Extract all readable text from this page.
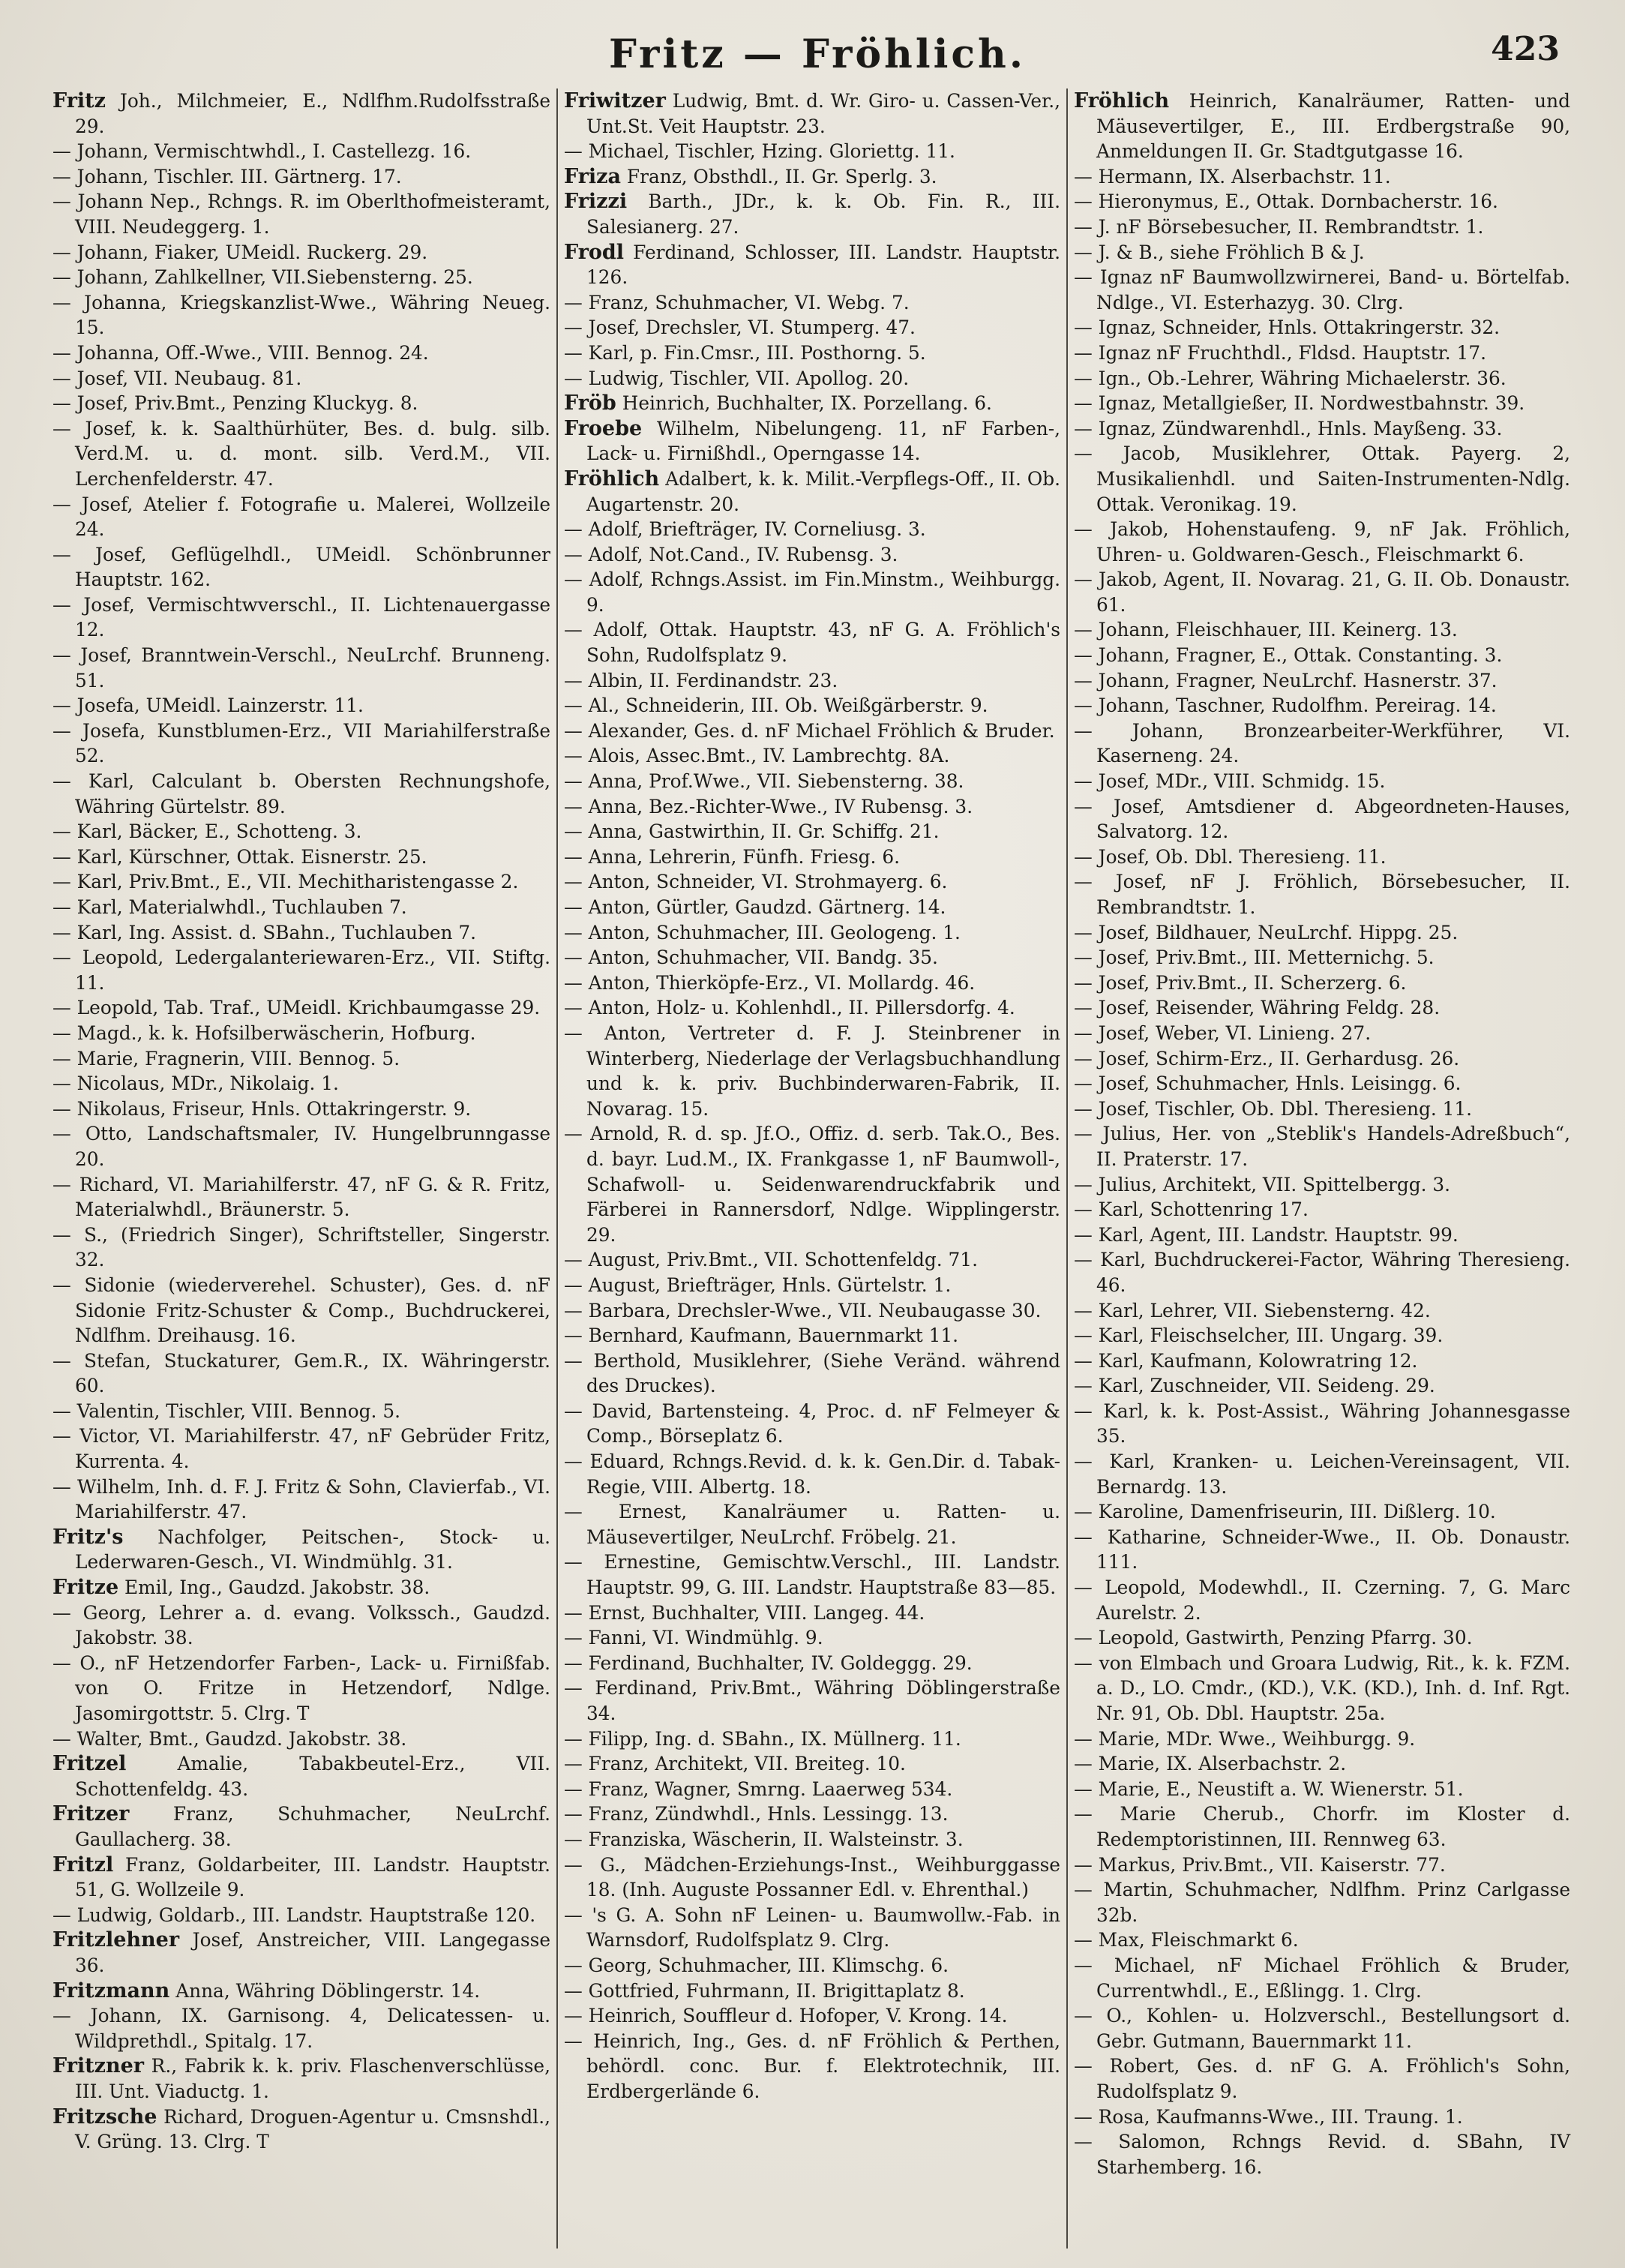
Fritz — Fröhlich.	423
Fritz Joh., Milchmeier, E., Ndlfhm.Rudolfsstraße 29.
— Johann, Vermischtwhdl., I. Castellezg. 16.
— Johann, Tischler. III. Gärtnerg. 17.
— Johann Nep., Rchngs. R. im Oberlthofmeisteramt, VIII. Neudeggerg. 1.
— Johann, Fiaker, UMeidl. Ruckerg. 29.
— Johann, Zahlkellner, VII.Siebensterng. 25.
— Johanna, Kriegskanzlist-Wwe., Währing Neueg. 15.
— Johanna, Off.-Wwe., VIII. Bennog. 24.
— Josef, VII. Neubaug. 81.
— Josef, Priv.Bmt., Penzing Kluckyg. 8.
— Josef, k. k. Saalthürhüter, Bes. d. bulg. silb. Verd.M. u. d. mont. silb. Verd.M., VII. Lerchenfelderstr. 47.
— Josef, Atelier f. Fotografie u. Malerei, Wollzeile 24.
— Josef, Geflügelhdl., UMeidl. Schönbrunner Hauptstr. 162.
— Josef, Vermischtwverschl., II. Lichtenauergasse 12.
— Josef, Branntwein-Verschl., NeuLrchf. Brunneng. 51.
— Josefa, UMeidl. Lainzerstr. 11.
— Josefa, Kunstblumen-Erz., VII Mariahilferstraße 52.
— Karl, Calculant b. Obersten Rechnungshofe, Währing Gürtelstr. 89.
— Karl, Bäcker, E., Schotteng. 3.
— Karl, Kürschner, Ottak. Eisnerstr. 25.
— Karl, Priv.Bmt., E., VII. Mechitharistengasse 2.
— Karl, Materialwhdl., Tuchlauben 7.
— Karl, Ing. Assist. d. SBahn., Tuchlauben 7.
— Leopold, Ledergalanteriewaren-Erz., VII. Stiftg. 11.
— Leopold, Tab. Traf., UMeidl. Krichbaumgasse 29.
— Magd., k. k. Hofsilberwäscherin, Hofburg.
— Marie, Fragnerin, VIII. Bennog. 5.
— Nicolaus, MDr., Nikolaig. 1.
— Nikolaus, Friseur, Hnls. Ottakringerstr. 9.
— Otto, Landschaftsmaler, IV. Hungelbrunngasse 20.
— Richard, VI. Mariahilferstr. 47, nF G. & R. Fritz, Materialwhdl., Bräunerstr. 5.
— S., (Friedrich Singer), Schriftsteller, Singerstr. 32.
— Sidonie (wiederverehel. Schuster), Ges. d. nF Sidonie Fritz-Schuster & Comp., Buchdruckerei, Ndlfhm. Dreihausg. 16.
— Stefan, Stuckaturer, Gem.R., IX. Währingerstr. 60.
— Valentin, Tischler, VIII. Bennog. 5.
— Victor, VI. Mariahilferstr. 47, nF Gebrüder Fritz, Kurrenta. 4.
— Wilhelm, Inh. d. F. J. Fritz & Sohn, Clavierfab., VI. Mariahilferstr. 47.
Fritz's Nachfolger, Peitschen-, Stock- u. Lederwaren-Gesch., VI. Windmühlg. 31.
Fritze Emil, Ing., Gaudzd. Jakobstr. 38.
— Georg, Lehrer a. d. evang. Volkssch., Gaudzd. Jakobstr. 38.
— O., nF Hetzendorfer Farben-, Lack- u. Firnißfab. von O. Fritze in Hetzendorf, Ndlge. Jasomirgottstr. 5. Clrg. T
— Walter, Bmt., Gaudzd. Jakobstr. 38.
Fritzel Amalie, Tabakbeutel-Erz., VII. Schottenfeldg. 43.
Fritzer Franz, Schuhmacher, NeuLrchf. Gaullacherg. 38.
Fritzl Franz, Goldarbeiter, III. Landstr. Hauptstr. 51, G. Wollzeile 9.
— Ludwig, Goldarb., III. Landstr. Hauptstraße 120.
Fritzlehner Josef, Anstreicher, VIII. Langegasse 36.
Fritzmann Anna, Währing Döblingerstr. 14.
— Johann, IX. Garnisong. 4, Delicatessen- u. Wildprethdl., Spitalg. 17.
Fritzner R., Fabrik k. k. priv. Flaschenverschlüsse, III. Unt. Viaductg. 1.
Fritzsche Richard, Droguen-Agentur u. Cmsnshdl., V. Grüng. 13. Clrg. T
Friwitzer Ludwig, Bmt. d. Wr. Giro- u. Cassen-Ver., Unt.St. Veit Hauptstr. 23.
— Michael, Tischler, Hzing. Gloriettg. 11.
Friza Franz, Obsthdl., II. Gr. Sperlg. 3.
Frizzi Barth., JDr., k. k. Ob. Fin. R., III. Salesianerg. 27.
Frodl Ferdinand, Schlosser, III. Landstr. Hauptstr. 126.
— Franz, Schuhmacher, VI. Webg. 7.
— Josef, Drechsler, VI. Stumperg. 47.
— Karl, p. Fin.Cmsr., III. Posthorng. 5.
— Ludwig, Tischler, VII. Apollog. 20.
Fröb Heinrich, Buchhalter, IX. Porzellang. 6.
Froebe Wilhelm, Nibelungeng. 11, nF Farben-, Lack- u. Firnißhdl., Operngasse 14.
Fröhlich Adalbert, k. k. Milit.-Verpflegs-Off., II. Ob. Augartenstr. 20.
— Adolf, Briefträger, IV. Corneliusg. 3.
— Adolf, Not.Cand., IV. Rubensg. 3.
— Adolf, Rchngs.Assist. im Fin.Minstm., Weihburgg. 9.
— Adolf, Ottak. Hauptstr. 43, nF G. A. Fröhlich's Sohn, Rudolfsplatz 9.
— Albin, II. Ferdinandstr. 23.
— Al., Schneiderin, III. Ob. Weißgärberstr. 9.
— Alexander, Ges. d. nF Michael Fröhlich & Bruder.
— Alois, Assec.Bmt., IV. Lambrechtg. 8A.
— Anna, Prof.Wwe., VII. Siebensterng. 38.
— Anna, Bez.-Richter-Wwe., IV Rubensg. 3.
— Anna, Gastwirthin, II. Gr. Schiffg. 21.
— Anna, Lehrerin, Fünfh. Friesg. 6.
— Anton, Schneider, VI. Strohmayerg. 6.
— Anton, Gürtler, Gaudzd. Gärtnerg. 14.
— Anton, Schuhmacher, III. Geologeng. 1.
— Anton, Schuhmacher, VII. Bandg. 35.
— Anton, Thierköpfe-Erz., VI. Mollardg. 46.
— Anton, Holz- u. Kohlenhdl., II. Pillersdorfg. 4.
— Anton, Vertreter d. F. J. Steinbrener in Winterberg, Niederlage der Verlagsbuchhandlung und k. k. priv. Buchbinderwaren-Fabrik, II. Novarag. 15.
— Arnold, R. d. sp. Jf.O., Offiz. d. serb. Tak.O., Bes. d. bayr. Lud.M., IX. Frankgasse 1, nF Baumwoll-, Schafwoll- u. Seidenwarendruckfabrik und Färberei in Rannersdorf, Ndlge. Wipplingerstr. 29.
— August, Priv.Bmt., VII. Schottenfeldg. 71.
— August, Briefträger, Hnls. Gürtelstr. 1.
— Barbara, Drechsler-Wwe., VII. Neubaugasse 30.
— Bernhard, Kaufmann, Bauernmarkt 11.
— Berthold, Musiklehrer, (Siehe Veränd. während des Druckes).
— David, Bartensteing. 4, Proc. d. nF Felmeyer & Comp., Börseplatz 6.
— Eduard, Rchngs.Revid. d. k. k. Gen.Dir. d. Tabak-Regie, VIII. Albertg. 18.
— Ernest, Kanalräumer u. Ratten- u. Mäusevertilger, NeuLrchf. Fröbelg. 21.
— Ernestine, Gemischtw.Verschl., III. Landstr. Hauptstr. 99, G. III. Landstr. Hauptstraße 83—85.
— Ernst, Buchhalter, VIII. Langeg. 44.
— Fanni, VI. Windmühlg. 9.
— Ferdinand, Buchhalter, IV. Goldeggg. 29.
— Ferdinand, Priv.Bmt., Währing Döblingerstraße 34.
— Filipp, Ing. d. SBahn., IX. Müllnerg. 11.
— Franz, Architekt, VII. Breiteg. 10.
— Franz, Wagner, Smrng. Laaerweg 534.
— Franz, Zündwhdl., Hnls. Lessingg. 13.
— Franziska, Wäscherin, II. Walsteinstr. 3.
— G., Mädchen-Erziehungs-Inst., Weihburggasse 18. (Inh. Auguste Possanner Edl. v. Ehrenthal.)
— 's G. A. Sohn nF Leinen- u. Baumwollw.-Fab. in Warnsdorf, Rudolfsplatz 9. Clrg.
— Georg, Schuhmacher, III. Klimschg. 6.
— Gottfried, Fuhrmann, II. Brigittaplatz 8.
— Heinrich, Souffleur d. Hofoper, V. Krong. 14.
— Heinrich, Ing., Ges. d. nF Fröhlich & Perthen, behördl. conc. Bur. f. Elektrotechnik, III. Erdbergerlände 6.
Fröhlich Heinrich, Kanalräumer, Ratten- und Mäusevertilger, E., III. Erdbergstraße 90, Anmeldungen II. Gr. Stadtgutgasse 16.
— Hermann, IX. Alserbachstr. 11.
— Hieronymus, E., Ottak. Dornbacherstr. 16.
— J. nF Börsebesucher, II. Rembrandtstr. 1.
— J. & B., siehe Fröhlich B & J.
— Ignaz nF Baumwollzwirnerei, Band- u. Börtelfab. Ndlge., VI. Esterhazyg. 30. Clrg.
— Ignaz, Schneider, Hnls. Ottakringerstr. 32.
— Ignaz nF Fruchthdl., Fldsd. Hauptstr. 17.
— Ign., Ob.-Lehrer, Währing Michaelerstr. 36.
— Ignaz, Metallgießer, II. Nordwestbahnstr. 39.
— Ignaz, Zündwarenhdl., Hnls. Mayßeng. 33.
— Jacob, Musiklehrer, Ottak. Payerg. 2, Musikalienhdl. und Saiten-Instrumenten-Ndlg. Ottak. Veronikag. 19.
— Jakob, Hohenstaufeng. 9, nF Jak. Fröhlich, Uhren- u. Goldwaren-Gesch., Fleischmarkt 6.
— Jakob, Agent, II. Novarag. 21, G. II. Ob. Donaustr. 61.
— Johann, Fleischhauer, III. Keinerg. 13.
— Johann, Fragner, E., Ottak. Constanting. 3.
— Johann, Fragner, NeuLrchf. Hasnerstr. 37.
— Johann, Taschner, Rudolfhm. Pereirag. 14.
— Johann, Bronzearbeiter-Werkführer, VI. Kaserneng. 24.
— Josef, MDr., VIII. Schmidg. 15.
— Josef, Amtsdiener d. Abgeordneten-Hauses, Salvatorg. 12.
— Josef, Ob. Dbl. Theresieng. 11.
— Josef, nF J. Fröhlich, Börsebesucher, II. Rembrandtstr. 1.
— Josef, Bildhauer, NeuLrchf. Hippg. 25.
— Josef, Priv.Bmt., III. Metternichg. 5.
— Josef, Priv.Bmt., II. Scherzerg. 6.
— Josef, Reisender, Währing Feldg. 28.
— Josef, Weber, VI. Linieng. 27.
— Josef, Schirm-Erz., II. Gerhardusg. 26.
— Josef, Schuhmacher, Hnls. Leisingg. 6.
— Josef, Tischler, Ob. Dbl. Theresieng. 11.
— Julius, Her. von „Steblik's Handels-Adreßbuch“, II. Praterstr. 17.
— Julius, Architekt, VII. Spittelbergg. 3.
— Karl, Schottenring 17.
— Karl, Agent, III. Landstr. Hauptstr. 99.
— Karl, Buchdruckerei-Factor, Währing Theresieng. 46.
— Karl, Lehrer, VII. Siebensterng. 42.
— Karl, Fleischselcher, III. Ungarg. 39.
— Karl, Kaufmann, Kolowratring 12.
— Karl, Zuschneider, VII. Seideng. 29.
— Karl, k. k. Post-Assist., Währing Johannesgasse 35.
— Karl, Kranken- u. Leichen-Vereinsagent, VII. Bernardg. 13.
— Karoline, Damenfriseurin, III. Dißlerg. 10.
— Katharine, Schneider-Wwe., II. Ob. Donaustr. 111.
— Leopold, Modewhdl., II. Czerning. 7, G. Marc Aurelstr. 2.
— Leopold, Gastwirth, Penzing Pfarrg. 30.
— von Elmbach und Groara Ludwig, Rit., k. k. FZM. a. D., LO. Cmdr., (KD.), V.K. (KD.), Inh. d. Inf. Rgt. Nr. 91, Ob. Dbl. Hauptstr. 25a.
— Marie, MDr. Wwe., Weihburgg. 9.
— Marie, IX. Alserbachstr. 2.
— Marie, E., Neustift a. W. Wienerstr. 51.
— Marie Cherub., Chorfr. im Kloster d. Redemptoristinnen, III. Rennweg 63.
— Markus, Priv.Bmt., VII. Kaiserstr. 77.
— Martin, Schuhmacher, Ndlfhm. Prinz Carlgasse 32b.
— Max, Fleischmarkt 6.
— Michael, nF Michael Fröhlich & Bruder, Currentwhdl., E., Eßlingg. 1. Clrg.
— O., Kohlen- u. Holzverschl., Bestellungsort d. Gebr. Gutmann, Bauernmarkt 11.
— Robert, Ges. d. nF G. A. Fröhlich's Sohn, Rudolfsplatz 9.
— Rosa, Kaufmanns-Wwe., III. Traung. 1.
— Salomon, Rchngs Revid. d. SBahn, IV Starhemberg. 16.
